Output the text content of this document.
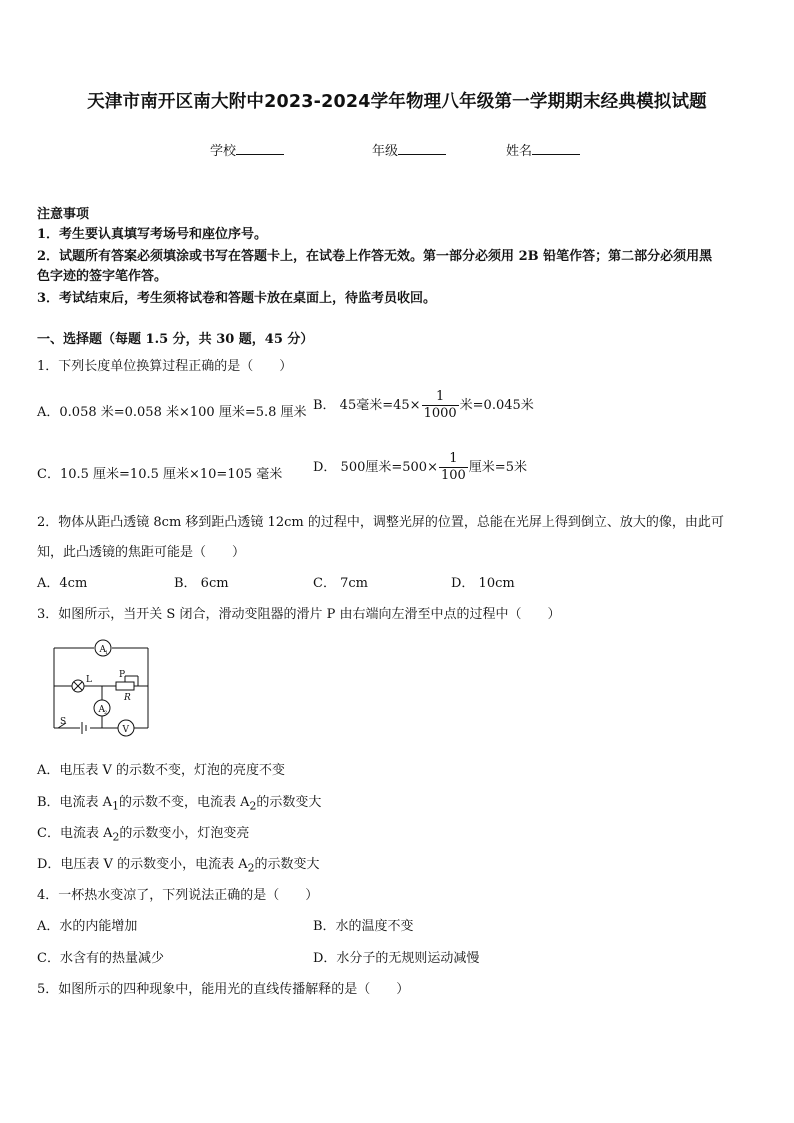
天津市南开区南大附中2023-2024学年物理八年级第一学期期末经典模拟试题
学校	年级	姓名
注意事项
1．考生要认真填写考场号和座位序号。
2．试题所有答案必须填涂或书写在答题卡上，在试卷上作答无效。第一部分必须用 2B 铅笔作答；第二部分必须用黑
色字迹的签字笔作答。
3．考试结束后，考生须将试卷和答题卡放在桌面上，待监考员收回。
一、选择题（每题 1.5 分，共 30 题，45 分）
1．下列长度单位换算过程正确的是（　　）
A．0.058 米=0.058 米×100 厘米=5.8 厘米 B． 45毫米$=45\times \frac{1}{1000}$ 米=0.045米
C．10.5 厘米=10.5 厘米×10=105 毫米 D． 500厘米$=500\times \frac{1}{100}$ 厘米=5米
2．物体从距凸透镜 8cm 移到距凸透镜 12cm 的过程中，调整光屏的位置，总能在光屏上得到倒立、放大的像，由此可
知，此凸透镜的焦距可能是（　　）
A．4cm	B． 6cm	C． 7cm	D． 10cm
3．如图所示，当开关 S 闭合，滑动变阻器的滑片 P 由右端向左滑至中点的过程中（　　）
A 1
L	P
R
A 2
V
S
A．电压表 V 的示数不变，灯泡的亮度不变
B．电流表 $A_1$的示数不变，电流表 $A_2$的示数变大
C．电流表 $A_2$的示数变小，灯泡变亮
D．电压表 V 的示数变小，电流表 $A_2$的示数变大
4．一杯热水变凉了，下列说法正确的是（　　）
A．水的内能增加	B．水的温度不变
C．水含有的热量减少	D．水分子的无规则运动减慢
5．如图所示的四种现象中，能用光的直线传播解释的是（　　）
